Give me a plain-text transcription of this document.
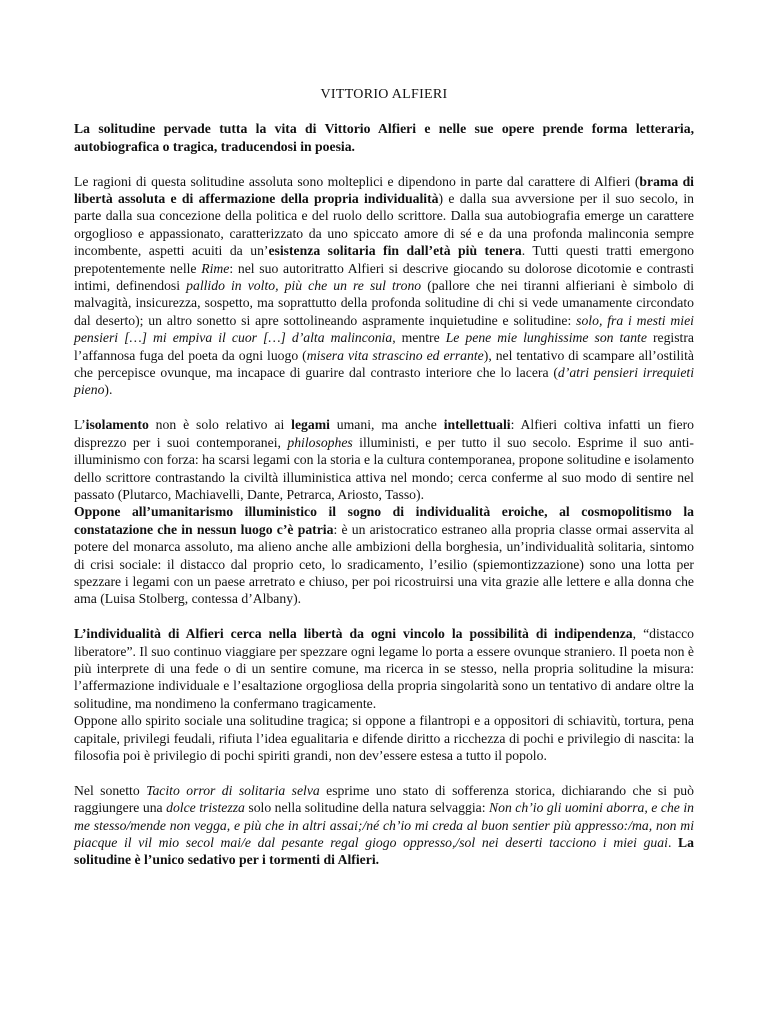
VITTORIO ALFIERI

La solitudine pervade tutta la vita di Vittorio Alfieri e nelle sue opere prende forma letteraria, autobiografica o tragica, traducendosi in poesia.

Le ragioni di questa solitudine assoluta sono molteplici e dipendono in parte dal carattere di Alfieri (brama di libertà assoluta e di affermazione della propria individualità) e dalla sua avversione per il suo secolo, in parte dalla sua concezione della politica e del ruolo dello scrittore. Dalla sua autobiografia emerge un carattere orgoglioso e appassionato, caratterizzato da uno spiccato amore di sé e da una profonda malinconia sempre incombente, aspetti acuiti da un’esistenza solitaria fin dall’età più tenera. Tutti questi tratti emergono prepotentemente nelle Rime: nel suo autoritratto Alfieri si descrive giocando su dolorose dicotomie e contrasti intimi, definendosi pallido in volto, più che un re sul trono (pallore che nei tiranni alfieriani è simbolo di malvagità, insicurezza, sospetto, ma soprattutto della profonda solitudine di chi si vede umanamente circondato dal deserto); un altro sonetto si apre sottolineando aspramente inquietudine e solitudine: solo, fra i mesti miei pensieri […] mi empiva il cuor […] d’alta malinconia, mentre Le pene mie lunghissime son tante registra l’affannosa fuga del poeta da ogni luogo (misera vita strascino ed errante), nel tentativo di scampare all’ostilità che percepisce ovunque, ma incapace di guarire dal contrasto interiore che lo lacera (d’atri pensieri irrequieti pieno).

L’isolamento non è solo relativo ai legami umani, ma anche intellettuali: Alfieri coltiva infatti un fiero disprezzo per i suoi contemporanei, philosophes illuministi, e per tutto il suo secolo. Esprime il suo anti-illuminismo con forza: ha scarsi legami con la storia e la cultura contemporanea, propone solitudine e isolamento dello scrittore contrastando la civiltà illuministica attiva nel mondo; cerca conferme al suo modo di sentire nel passato (Plutarco, Machiavelli, Dante, Petrarca, Ariosto, Tasso).

Oppone all’umanitarismo illuministico il sogno di individualità eroiche, al cosmopolitismo la constatazione che in nessun luogo c’è patria: è un aristocratico estraneo alla propria classe ormai asservita al potere del monarca assoluto, ma alieno anche alle ambizioni della borghesia, un’individualità solitaria, sintomo di crisi sociale: il distacco dal proprio ceto, lo sradicamento, l’esilio (spiemontizzazione) sono una lotta per spezzare i legami con un paese arretrato e chiuso, per poi ricostruirsi una vita grazie alle lettere e alla donna che ama (Luisa Stolberg, contessa d’Albany).

L’individualità di Alfieri cerca nella libertà da ogni vincolo la possibilità di indipendenza, “distacco liberatore”. Il suo continuo viaggiare per spezzare ogni legame lo porta a essere ovunque straniero. Il poeta non è più interprete di una fede o di un sentire comune, ma ricerca in se stesso, nella propria solitudine la misura: l’affermazione individuale e l’esaltazione orgogliosa della propria singolarità sono un tentativo di andare oltre la solitudine, ma nondimeno la confermano tragicamente.

Oppone allo spirito sociale una solitudine tragica; si oppone a filantropi e a oppositori di schiavitù, tortura, pena capitale, privilegi feudali, rifiuta l’idea egualitaria e difende diritto a ricchezza di pochi e privilegio di nascita: la filosofia poi è privilegio di pochi spiriti grandi, non dev’essere estesa a tutto il popolo.

Nel sonetto Tacito orror di solitaria selva esprime uno stato di sofferenza storica, dichiarando che si può raggiungere una dolce tristezza solo nella solitudine della natura selvaggia: Non ch’io gli uomini aborra, e che in me stesso/mende non vegga, e più che in altri assai;/né ch’io mi creda al buon sentier più appresso:/ma, non mi piacque il vil mio secol mai/e dal pesante regal giogo oppresso,/sol nei deserti tacciono i miei guai. La solitudine è l’unico sedativo per i tormenti di Alfieri.
